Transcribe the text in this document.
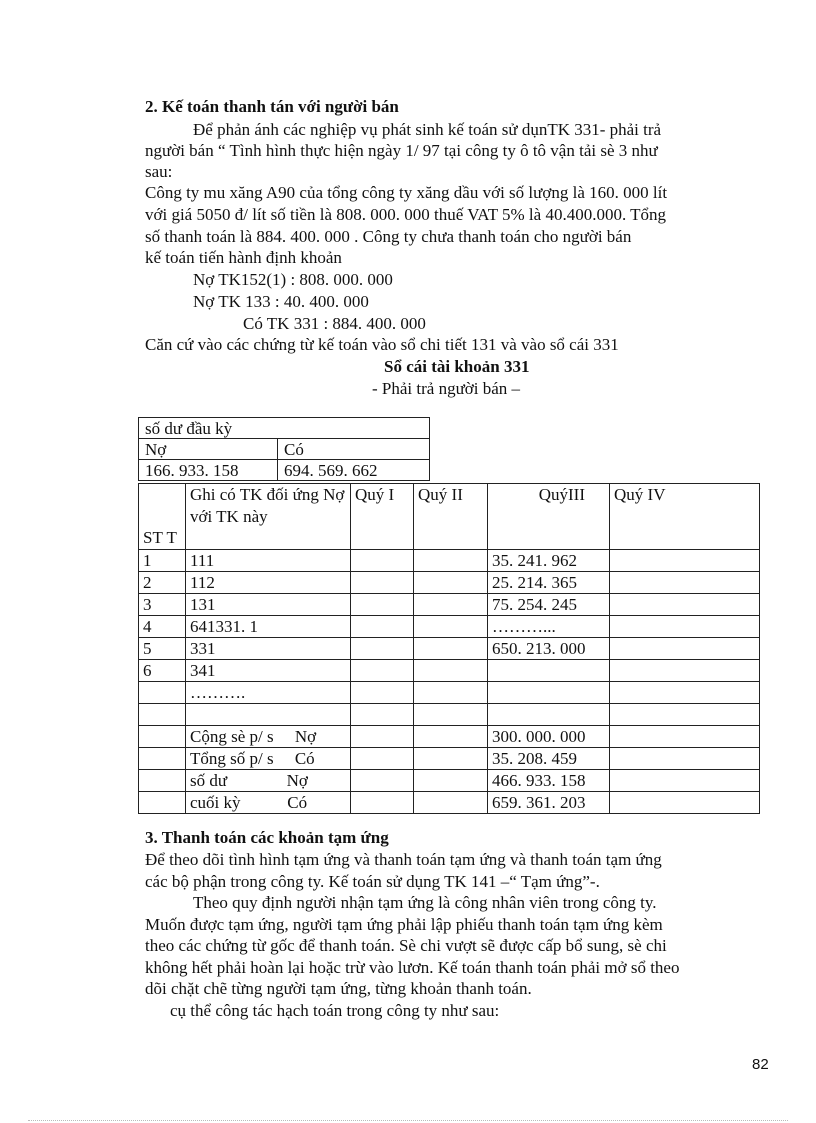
2. Kế toán thanh tán với người bán
Để phản ánh các nghiệp vụ phát sinh kế toán sử dụnTK 331- phải trả
người bán “ Tình hình thực hiện ngày 1/ 97 tại công ty ô tô vận tải sè 3 như
sau:
Công ty mu xăng A90 của tổng công ty xăng dầu với số lượng là 160. 000 lít
với giá 5050 đ/ lít số tiền là 808. 000. 000 thuế VAT 5% là 40.400.000. Tổng
số thanh toán là 884. 400. 000 . Công ty chưa thanh toán cho người bán
kế toán tiến hành định khoản
Nợ TK152(1) : 808. 000. 000
Nợ TK 133 : 40. 400. 000
Có TK 331 : 884. 400. 000
Căn cứ vào các chứng từ kế toán vào sổ chi tiết 131 và vào sổ cái 331
Sổ cái tài khoản 331
- Phải trả người bán –
số dư đầu kỳ	
Nợ	Có
166. 933. 158	694. 569. 662
ST T	Ghi có TK đối ứng Nợ với TK này	Quý I	Quý II	QuýIII	Quý IV
1	111			35. 241. 962	
2	112			25. 214. 365	
3	131			75. 254. 245	
4	641331. 1			………...	
5	331			650. 213. 000	
6	341				
	……….				

	Cộng sè p/ s     Nợ			300. 000. 000	
	Tổng số p/ s     Có			35. 208. 459	
	số dư              Nợ			466. 933. 158	
	cuối kỳ           Có			659. 361. 203	
3. Thanh toán các khoản tạm ứng
Để theo dõi tình hình tạm ứng và thanh toán tạm ứng và thanh toán tạm ứng
các bộ phận trong công ty. Kế toán sử dụng TK 141 –“ Tạm ứng”-.
Theo quy định người nhận tạm ứng là công nhân viên trong công ty.
Muốn được tạm ứng, người tạm ứng phải lập phiếu thanh toán tạm ứng kèm
theo các chứng từ gốc để thanh toán. Sè chi vượt sẽ được cấp bổ sung, sè chi
không hết phải hoàn lại hoặc trừ vào lươn. Kế toán thanh toán phải mở sổ theo
dõi chặt chẽ từng người tạm ứng, từng khoản thanh toán.
cụ thể công tác hạch toán trong công ty như sau:
82
